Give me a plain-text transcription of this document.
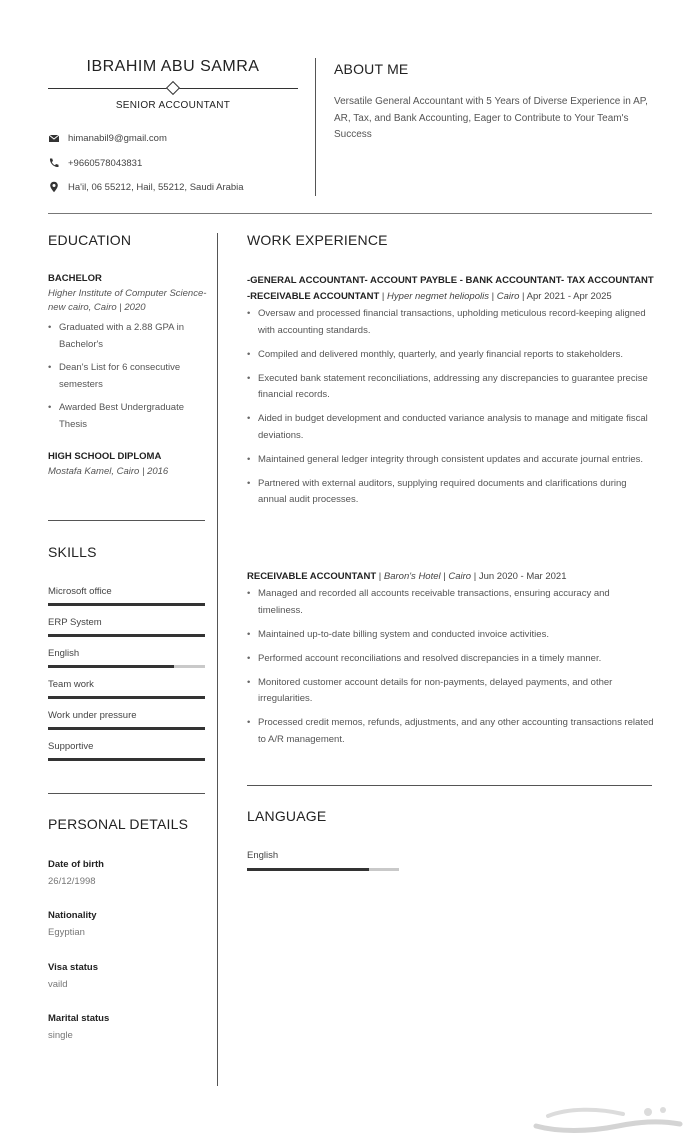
IBRAHIM ABU SAMRA
SENIOR ACCOUNTANT
himanabil9@gmail.com
+9660578043831
Ha'il, 06 55212, Hail, 55212, Saudi Arabia
ABOUT ME
Versatile General Accountant with 5 Years of Diverse Experience in AP, AR, Tax, and Bank Accounting, Eager to Contribute to Your Team's Success
EDUCATION
BACHELOR
Higher Institute of Computer Science- new cairo, Cairo | 2020
• Graduated with a 2.88 GPA in Bachelor's
• Dean's List for 6 consecutive semesters
• Awarded Best Undergraduate Thesis
HIGH SCHOOL DIPLOMA
Mostafa Kamel, Cairo | 2016
SKILLS
Microsoft office
ERP System
English
Team work
Work under pressure
Supportive
PERSONAL DETAILS
Date of birth
26/12/1998
Nationality
Egyptian
Visa status
vaild
Marital status
single
WORK EXPERIENCE
-GENERAL ACCOUNTANT- ACCOUNT PAYBLE - BANK ACCOUNTANT- TAX ACCOUNTANT -RECEIVABLE ACCOUNTANT | Hyper negmet heliopolis | Cairo | Apr 2021 - Apr 2025
• Oversaw and processed financial transactions, upholding meticulous record-keeping aligned with accounting standards.
• Compiled and delivered monthly, quarterly, and yearly financial reports to stakeholders.
• Executed bank statement reconciliations, addressing any discrepancies to guarantee precise financial records.
• Aided in budget development and conducted variance analysis to manage and mitigate fiscal deviations.
• Maintained general ledger integrity through consistent updates and accurate journal entries.
• Partnered with external auditors, supplying required documents and clarifications during annual audit processes.
RECEIVABLE ACCOUNTANT | Baron's Hotel | Cairo | Jun 2020 - Mar 2021
• Managed and recorded all accounts receivable transactions, ensuring accuracy and timeliness.
• Maintained up-to-date billing system and conducted invoice activities.
• Performed account reconciliations and resolved discrepancies in a timely manner.
• Monitored customer account details for non-payments, delayed payments, and other irregularities.
• Processed credit memos, refunds, adjustments, and any other accounting transactions related to A/R management.
LANGUAGE
English
